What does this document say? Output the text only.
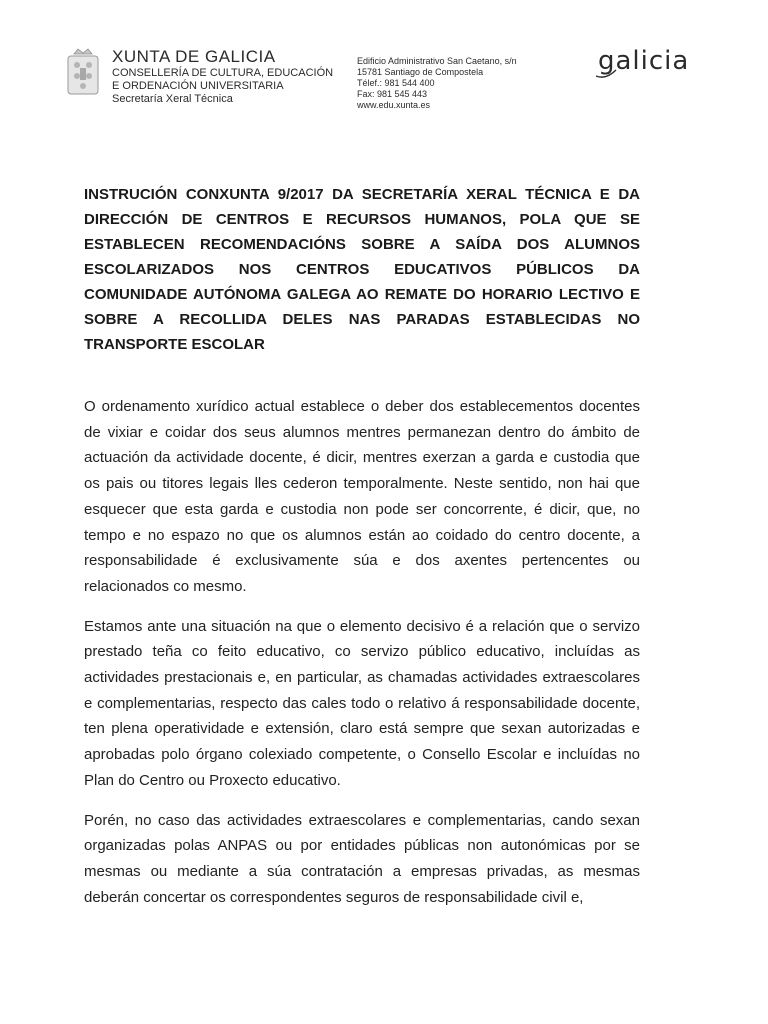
XUNTA DE GALICIA
CONSELLERÍA DE CULTURA, EDUCACIÓN
E ORDENACIÓN UNIVERSITARIA
Secretaría Xeral Técnica
Edificio Administrativo San Caetano, s/n
15781 Santiago de Compostela
Télef.: 981 544 400
Fax: 981 545 443
www.edu.xunta.es
galicia

INSTRUCIÓN CONXUNTA 9/2017 DA SECRETARÍA XERAL TÉCNICA E DA DIRECCIÓN DE CENTROS E RECURSOS HUMANOS, POLA QUE SE ESTABLECEN RECOMENDACIÓNS SOBRE A SAÍDA DOS ALUMNOS ESCOLARIZADOS NOS CENTROS EDUCATIVOS PÚBLICOS DA COMUNIDADE AUTÓNOMA GALEGA AO REMATE DO HORARIO LECTIVO E SOBRE A RECOLLIDA DELES NAS PARADAS ESTABLECIDAS NO TRANSPORTE ESCOLAR

O ordenamento xurídico actual establece o deber dos establecementos docentes de vixiar e coidar dos seus alumnos mentres permanezan dentro do ámbito de actuación da actividade docente, é dicir, mentres exerzan a garda e custodia que os pais ou titores legais lles cederon temporalmente. Neste sentido, non hai que esquecer que esta garda e custodia non pode ser concorrente, é dicir, que, no tempo e no espazo no que os alumnos están ao coidado do centro docente, a responsabilidade é exclusivamente súa e dos axentes pertencentes ou relacionados co mesmo.

Estamos ante una situación na que o elemento decisivo é a relación que o servizo prestado teña co feito educativo, co servizo público educativo, incluídas as actividades prestacionais e, en particular, as chamadas actividades extraescolares e complementarias, respecto das cales todo o relativo á responsabilidade docente, ten plena operatividade e extensión, claro está sempre que sexan autorizadas e aprobadas polo órgano colexiado competente, o Consello Escolar e incluídas no Plan do Centro ou Proxecto educativo.

Porén, no caso das actividades extraescolares e complementarias, cando sexan organizadas polas ANPAS ou por entidades públicas non autonómicas por se mesmas ou mediante a súa contratación a empresas privadas, as mesmas deberán concertar os correspondentes seguros de responsabilidade civil e,
